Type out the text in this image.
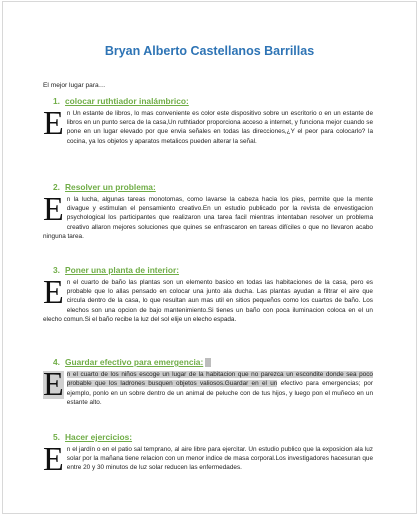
Bryan Alberto Castellanos Barrillas
El mejor lugar para…
1. colocar ruthtiador inalámbrico:
En Un estante de libros, lo mas conveniente es color este dispositivo sobre un escritorio o en un estante de libros en un punto serca de la casa,Un ruthtiador proporciona acceso a internet, y funciona mejor cuando se pone en un lugar elevado por que envia señales en todas las direcciones,¿Y el peor para colocarlo? la cocina, ya los objetos y aparatos metalicos pueden alterar la señal.
2. Resolver un problema:
En la lucha, algunas tareas monotomas, como lavarse la cabeza hacia los pies, permite que la mente divague y estimulan el pensamiento creativo.En un estudio publicado por la revista de envestigacion psychological los participantes que realizaron una tarea facil mientras intentaban resolver un problema creativo allaron mejores soluciones que quines se enfrascaron en tareas difíciles o que no llevaron acabo ninguna tarea.
3. Poner una planta de interior:
En el cuarto de baño las plantas son un elemento basico en todas las habitaciones de la casa, pero es probable que lo allas pensado en colocar una junto ala ducha. Las plantas ayudan a filtrar el aire que circula dentro de la casa, lo que resultan aun mas util en sitios pequeños como los cuartos de baño. Los elechos son una opcion de bajo mantenimiento.Si tienes un baño con poca iluminacion coloca en el un elecho comun.Si el baño recibe la luz del sol elije un elecho espada.
4. Guardar efectivo para emergencia:
E n el cuarto de los niños escoge un lugar de la habitacion que no parezca un escondite donde sea poco probable que los ladrones busquen objetos valiosos.Guardar en el un efectivo para emergencias; por ejemplo, ponlo en un sobre dentro de un animal de peluche con de tus hijos, y luego pon el muñeco en un estante alto.
5. Hacer ejercicios:
En el jardín o en el patio sal temprano, al aire libre para ejercitar. Un estudio publico que la exposicion ala luz solar por la mañana tiene relacion con un menor indice de masa corporal.Los investigadores hacesuran que entre 20 y 30 minutos de luz solar reducen las enfermedades.
